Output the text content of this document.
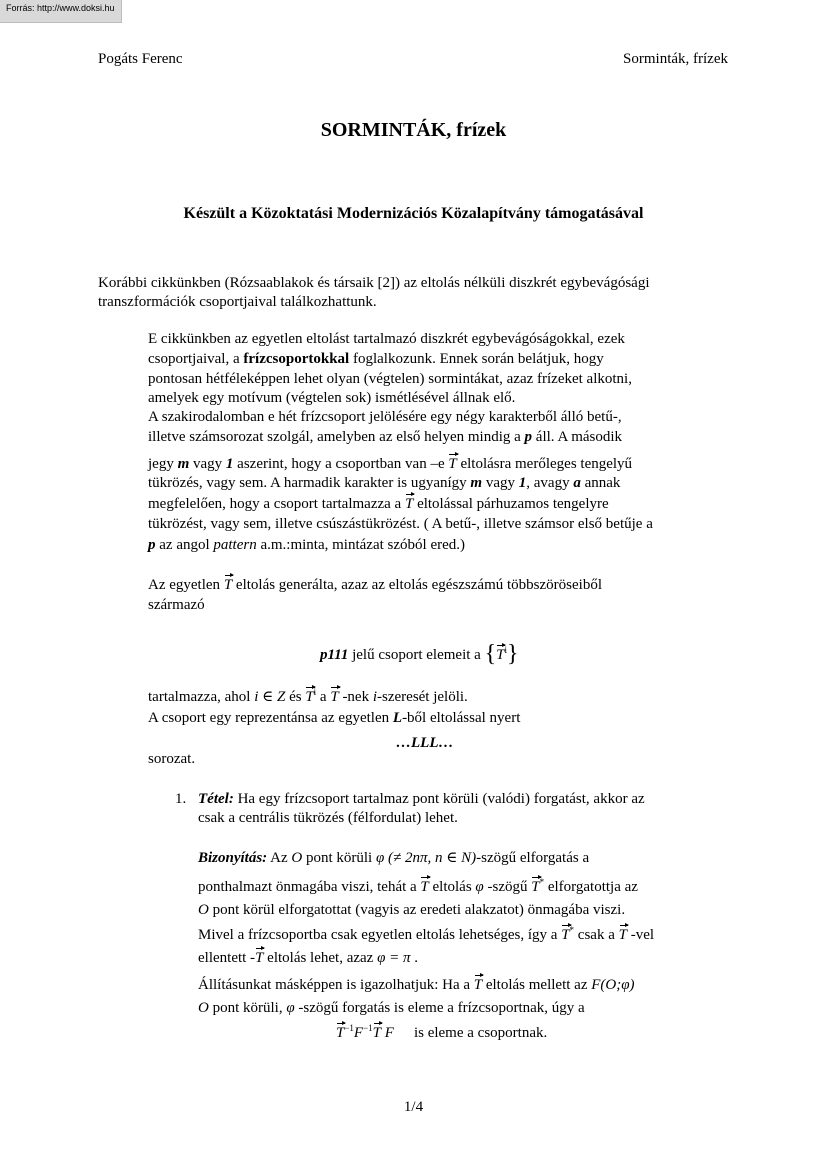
Forrás: http://www.doksi.hu
Pogáts Ferenc	Sorminták, frízek
SORMINTÁK, frízek
Készült a Közoktatási Modernizációs Közalapítvány támogatásával
Korábbi cikkünkben (Rózsaablakok és társaik [2]) az eltolás nélküli diszkrét egybevágósági
transzformációk csoportjaival találkozhattunk.
E cikkünkben az egyetlen eltolást tartalmazó diszkrét egybevágóságokkal, ezek
csoportjaival, a frízcsoportokkal foglalkozunk. Ennek során belátjuk, hogy
pontosan hétféleképpen lehet olyan (végtelen) sormintákat, azaz frízeket alkotni,
amelyek egy motívum (végtelen sok) ismétlésével állnak elő.
A szakirodalomban e hét frízcsoport jelölésére egy négy karakterből álló betű-,
illetve számsorozat szolgál, amelyben az első helyen mindig a p áll. A második
jegy m vagy 1 aszerint, hogy a csoportban van –e T eltolásra merőleges tengelyű
tükrözés, vagy sem. A harmadik karakter is ugyanígy m vagy 1, avagy a annak
megfelelően, hogy a csoport tartalmazza a T eltolással párhuzamos tengelyre
tükrözést, vagy sem, illetve csúszástükrözést. ( A betű-, illetve számsor első betűje a
p az angol pattern a.m.:minta, mintázat szóból ered.)
Az egyetlen T eltolás generálta, azaz az eltolás egészszámú többszöröseiből
származó
p111 jelű csoport elemeit a $\{T^i\}$
tartalmazza, ahol i ∈ Z és $T^i$ a T -nek i-szeresét jelöli.
A csoport egy reprezentánsa az egyetlen L-ből eltolással nyert
…LLL…
sorozat.
1. Tétel: Ha egy frízcsoport tartalmaz pont körüli (valódi) forgatást, akkor az
csak a centrális tükrözés (félfordulat) lehet.
Bizonyítás: Az O pont körüli φ (≠ 2nπ, n ∈ N)-szögű elforgatás a
ponthalmazt önmagába viszi, tehát a T eltolás φ -szögű T* elforgatottja az
O pont körül elforgatottat (vagyis az eredeti alakzatot) önmagába viszi.
Mivel a frízcsoportba csak egyetlen eltolás lehetséges, így a T* csak a T -vel
ellentett -T eltolás lehet, azaz φ = π .
Állításunkat másképpen is igazolhatjuk: Ha a T eltolás mellett az F(O;φ)
O pont körüli, φ -szögű forgatás is eleme a frízcsoportnak, úgy a
$T^{-1}F^{-1}T$ F is eleme a csoportnak.
1/4
